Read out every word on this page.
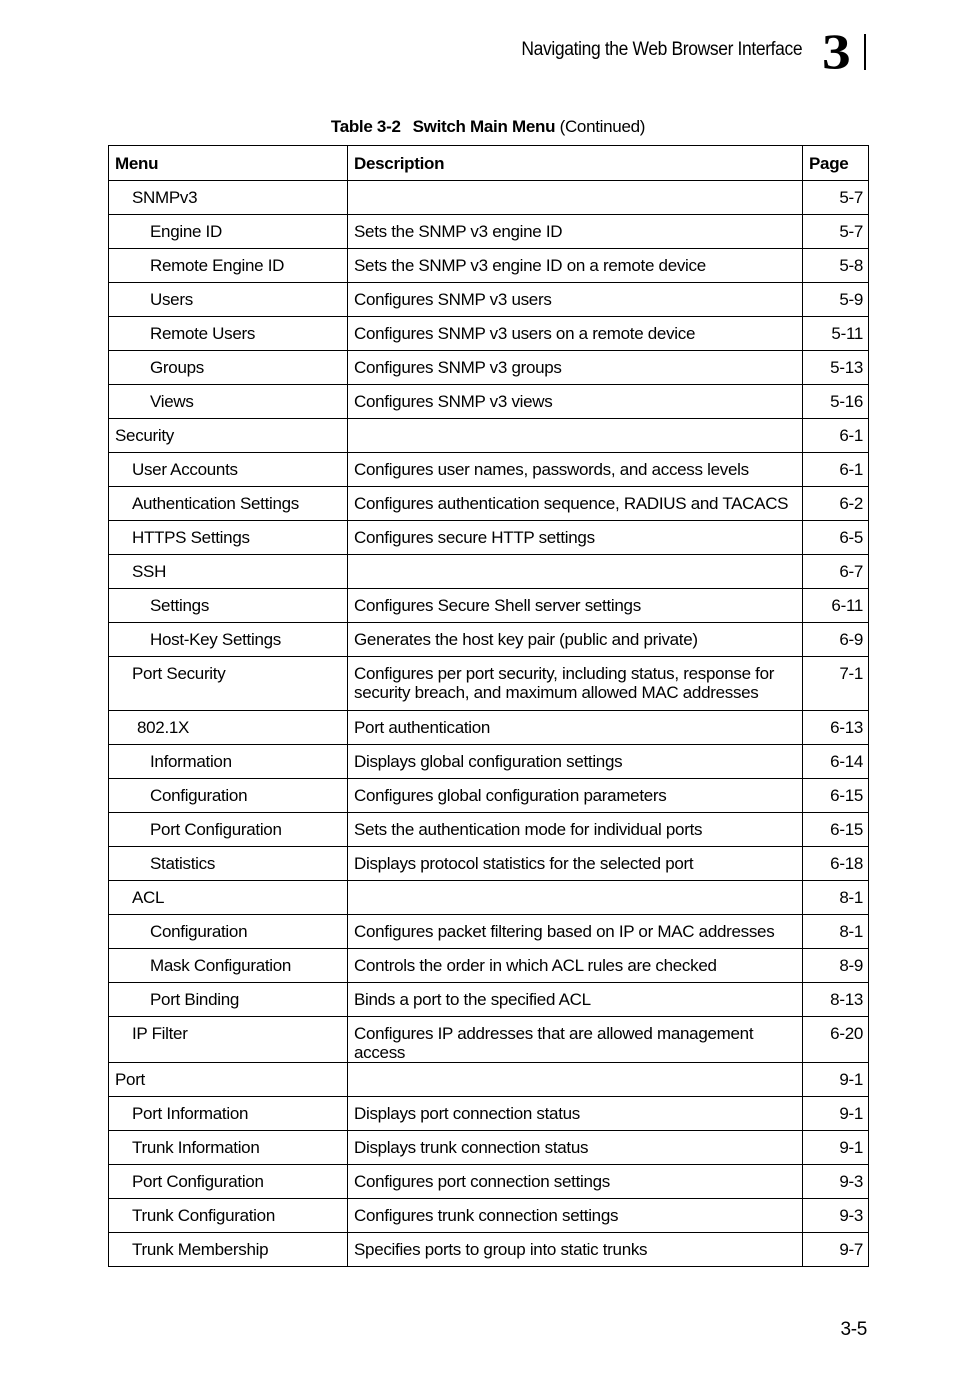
Navigating the Web Browser Interface 3
Table 3-2 Switch Main Menu (Continued)
Menu	Description	Page
SNMPv3		5-7
Engine ID	Sets the SNMP v3 engine ID	5-7
Remote Engine ID	Sets the SNMP v3 engine ID on a remote device	5-8
Users	Configures SNMP v3 users	5-9
Remote Users	Configures SNMP v3 users on a remote device	5-11
Groups	Configures SNMP v3 groups	5-13
Views	Configures SNMP v3 views	5-16
Security		6-1
User Accounts	Configures user names, passwords, and access levels	6-1
Authentication Settings	Configures authentication sequence, RADIUS and TACACS	6-2
HTTPS Settings	Configures secure HTTP settings	6-5
SSH		6-7
Settings	Configures Secure Shell server settings	6-11
Host-Key Settings	Generates the host key pair (public and private)	6-9
Port Security	Configures per port security, including status, response for security breach, and maximum allowed MAC addresses	7-1
802.1X	Port authentication	6-13
Information	Displays global configuration settings	6-14
Configuration	Configures global configuration parameters	6-15
Port Configuration	Sets the authentication mode for individual ports	6-15
Statistics	Displays protocol statistics for the selected port	6-18
ACL		8-1
Configuration	Configures packet filtering based on IP or MAC addresses	8-1
Mask Configuration	Controls the order in which ACL rules are checked	8-9
Port Binding	Binds a port to the specified ACL	8-13
IP Filter	Configures IP addresses that are allowed management access	6-20
Port		9-1
Port Information	Displays port connection status	9-1
Trunk Information	Displays trunk connection status	9-1
Port Configuration	Configures port connection settings	9-3
Trunk Configuration	Configures trunk connection settings	9-3
Trunk Membership	Specifies ports to group into static trunks	9-7
3-5
